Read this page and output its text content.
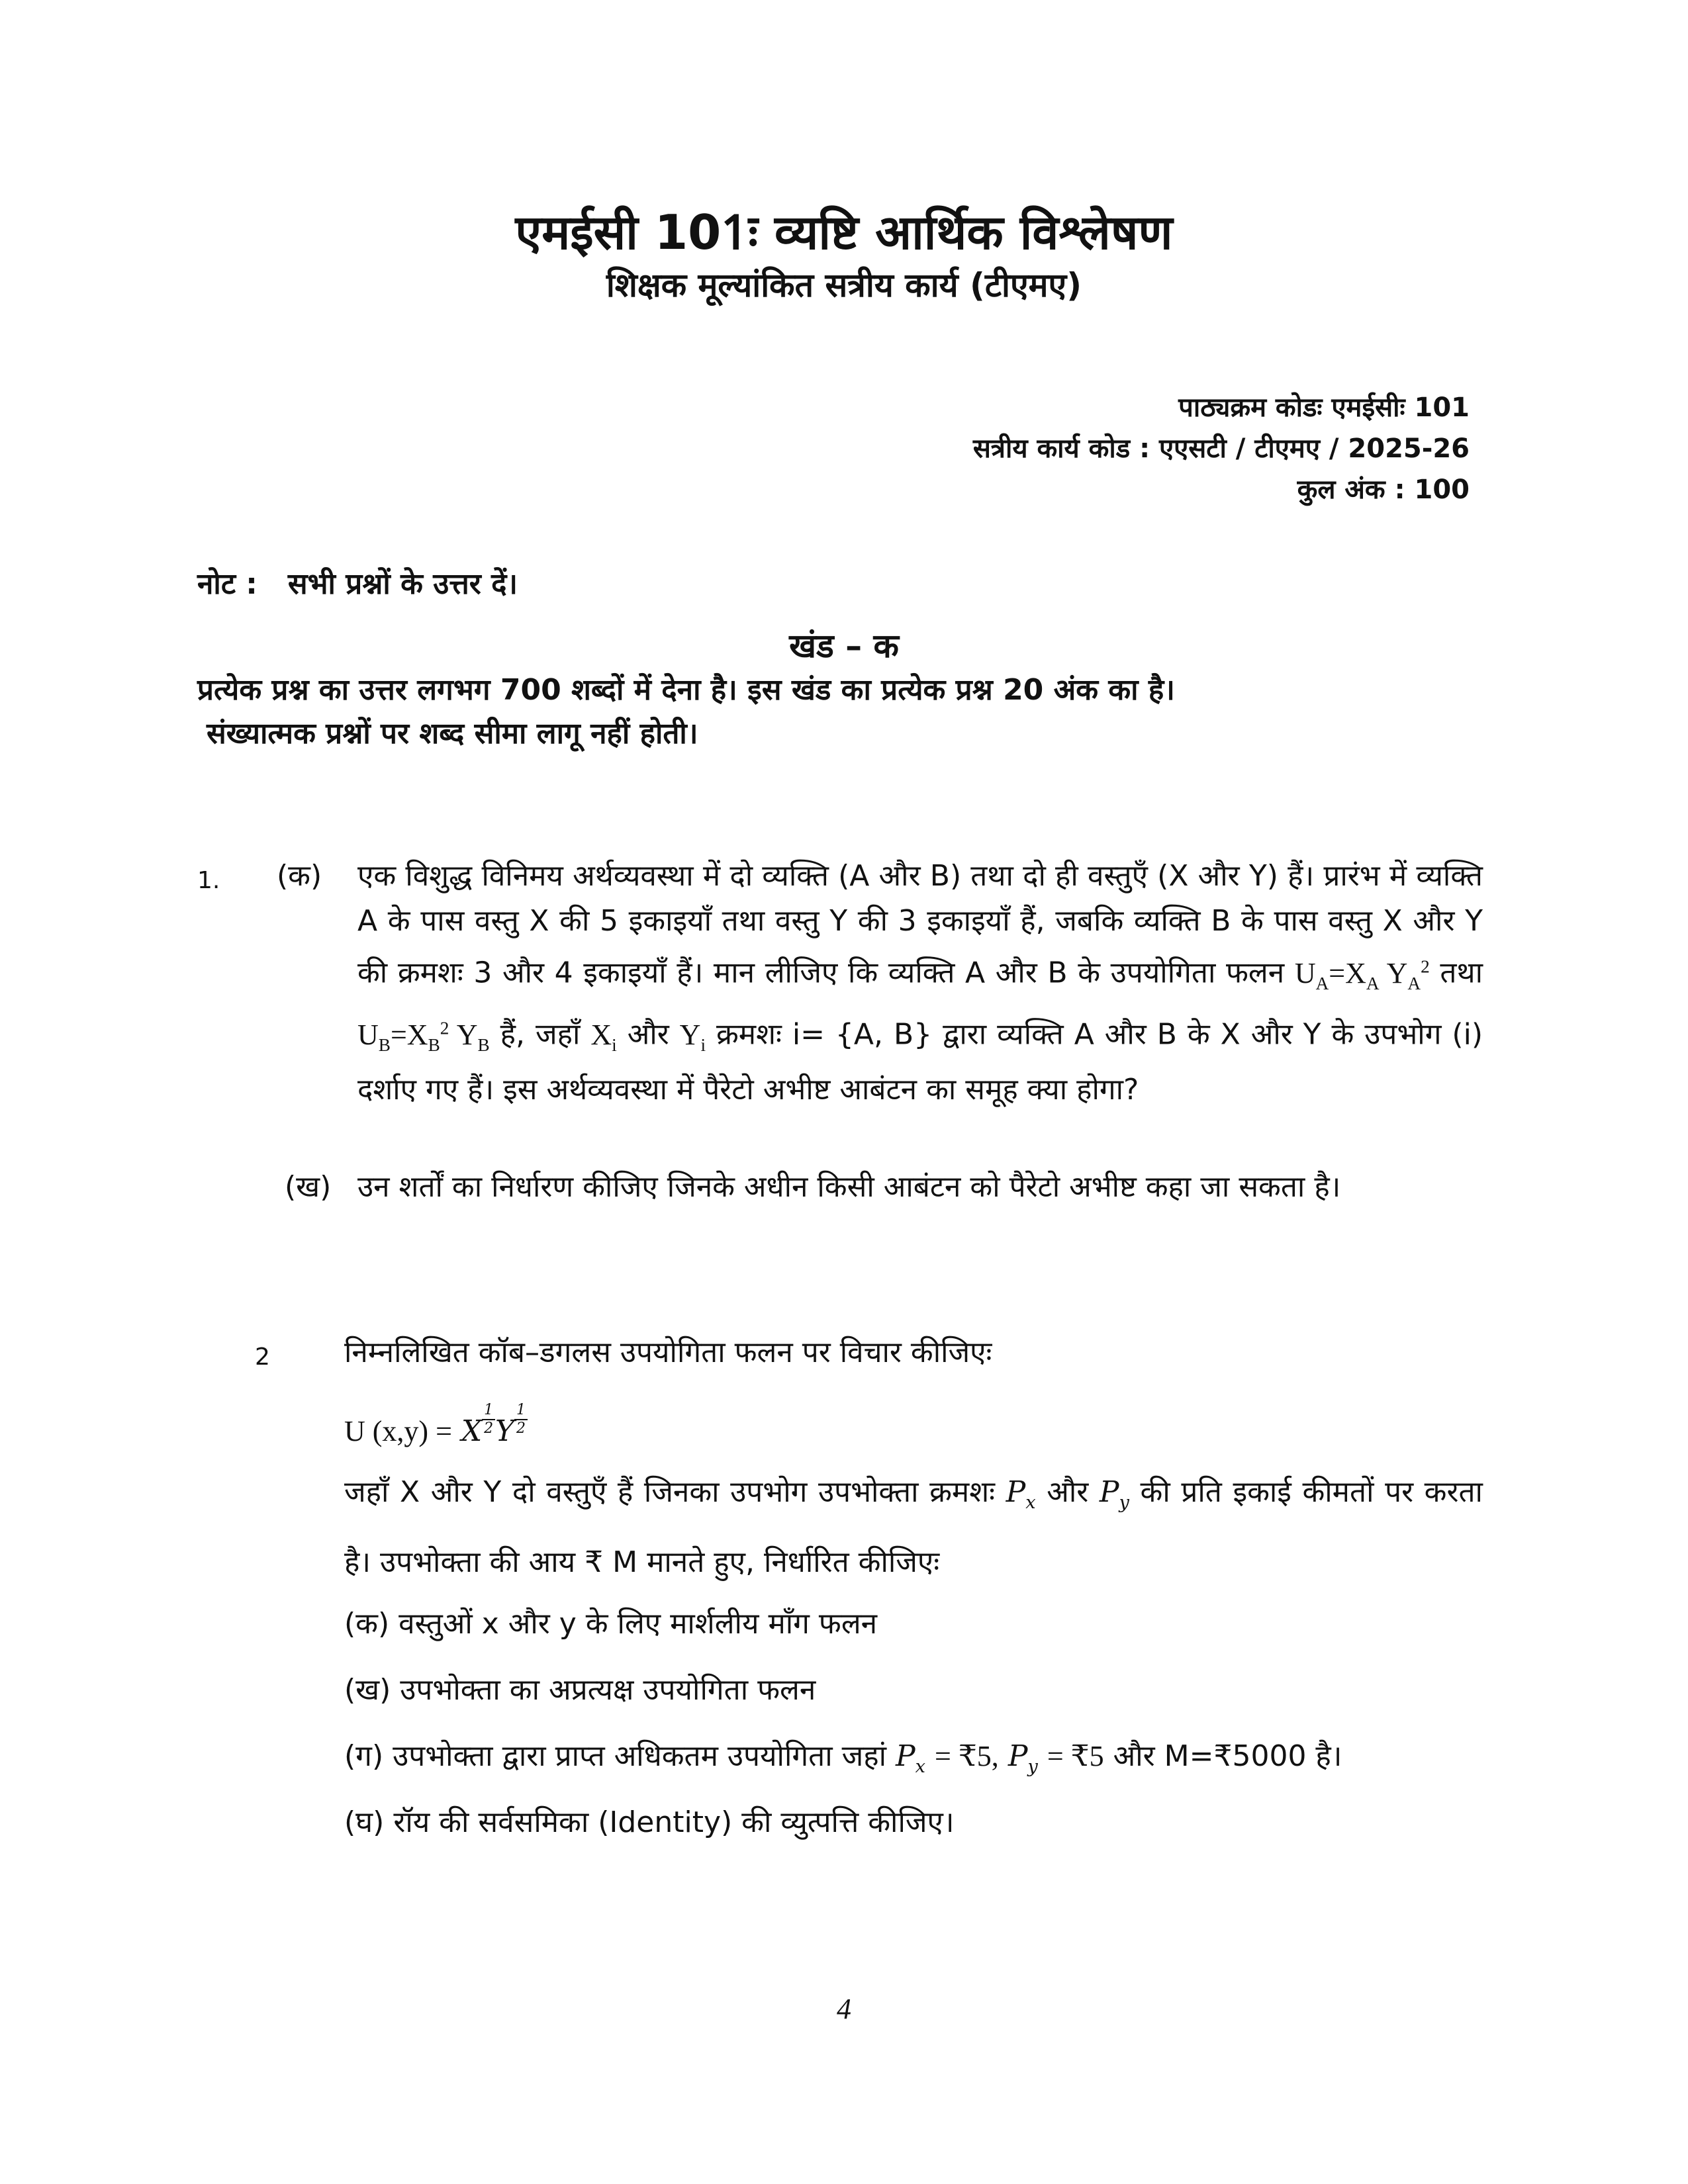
एमईसी 101ः व्यष्टि आर्थिक विश्लेषण
शिक्षक मूल्यांकित सत्रीय कार्य (टीएमए)
पाठ्यक्रम कोडः एमईसीः 101
सत्रीय कार्य कोड : एएसटी / टीएमए / 2025-26
कुल अंक : 100
नोट : सभी प्रश्नों के उत्तर दें।
खंड – क
प्रत्येक प्रश्न का उत्तर लगभग 700 शब्दों में देना है। इस खंड का प्रत्येक प्रश्न 20 अंक का है।
संख्यात्मक प्रश्नों पर शब्द सीमा लागू नहीं होती।
1. (क) एक विशुद्ध विनिमय अर्थव्यवस्था में दो व्यक्ति (A और B) तथा दो ही वस्तुएँ (X और Y) हैं। प्रारंभ में व्यक्ति A के पास वस्तु X की 5 इकाइयाँ तथा वस्तु Y की 3 इकाइयाँ हैं, जबकि व्यक्ति B के पास वस्तु X और Y की क्रमशः 3 और 4 इकाइयाँ हैं। मान लीजिए कि व्यक्ति A और B के उपयोगिता फलन $U_A=X_A$ $Y_A^2$ तथा $U_B=X_B^2$ $Y_B$ हैं, जहाँ $X_i$ और $Y_i$ क्रमशः i= {A, B} द्वारा व्यक्ति A और B के X और Y के उपभोग (i) दर्शाए गए हैं। इस अर्थव्यवस्था में पैरेटो अभीष्ट आबंटन का समूह क्या होगा?
(ख) उन शर्तों का निर्धारण कीजिए जिनके अधीन किसी आबंटन को पैरेटो अभीष्ट कहा जा सकता है।
2	निम्नलिखित कॉब–डगलस उपयोगिता फलन पर विचार कीजिएः
U (x,y) = X $\frac{1}{2}$ Y $\frac{1}{2}$
जहाँ X और Y दो वस्तुएँ हैं जिनका उपभोग उपभोक्ता क्रमशः $P_x$ और $P_y$ की प्रति इकाई कीमतों पर करता है। उपभोक्ता की आय ₹ M मानते हुए, निर्धारित कीजिएः
(क) वस्तुओं x और y के लिए मार्शलीय माँग फलन
(ख) उपभोक्ता का अप्रत्यक्ष उपयोगिता फलन
(ग) उपभोक्ता द्वारा प्राप्त अधिकतम उपयोगिता जहां $P_x$ = ₹5, $P_y$ = ₹5 और M=₹5000 है।
(घ) रॉय की सर्वसमिका (Identity) की व्युत्पत्ति कीजिए।
4
